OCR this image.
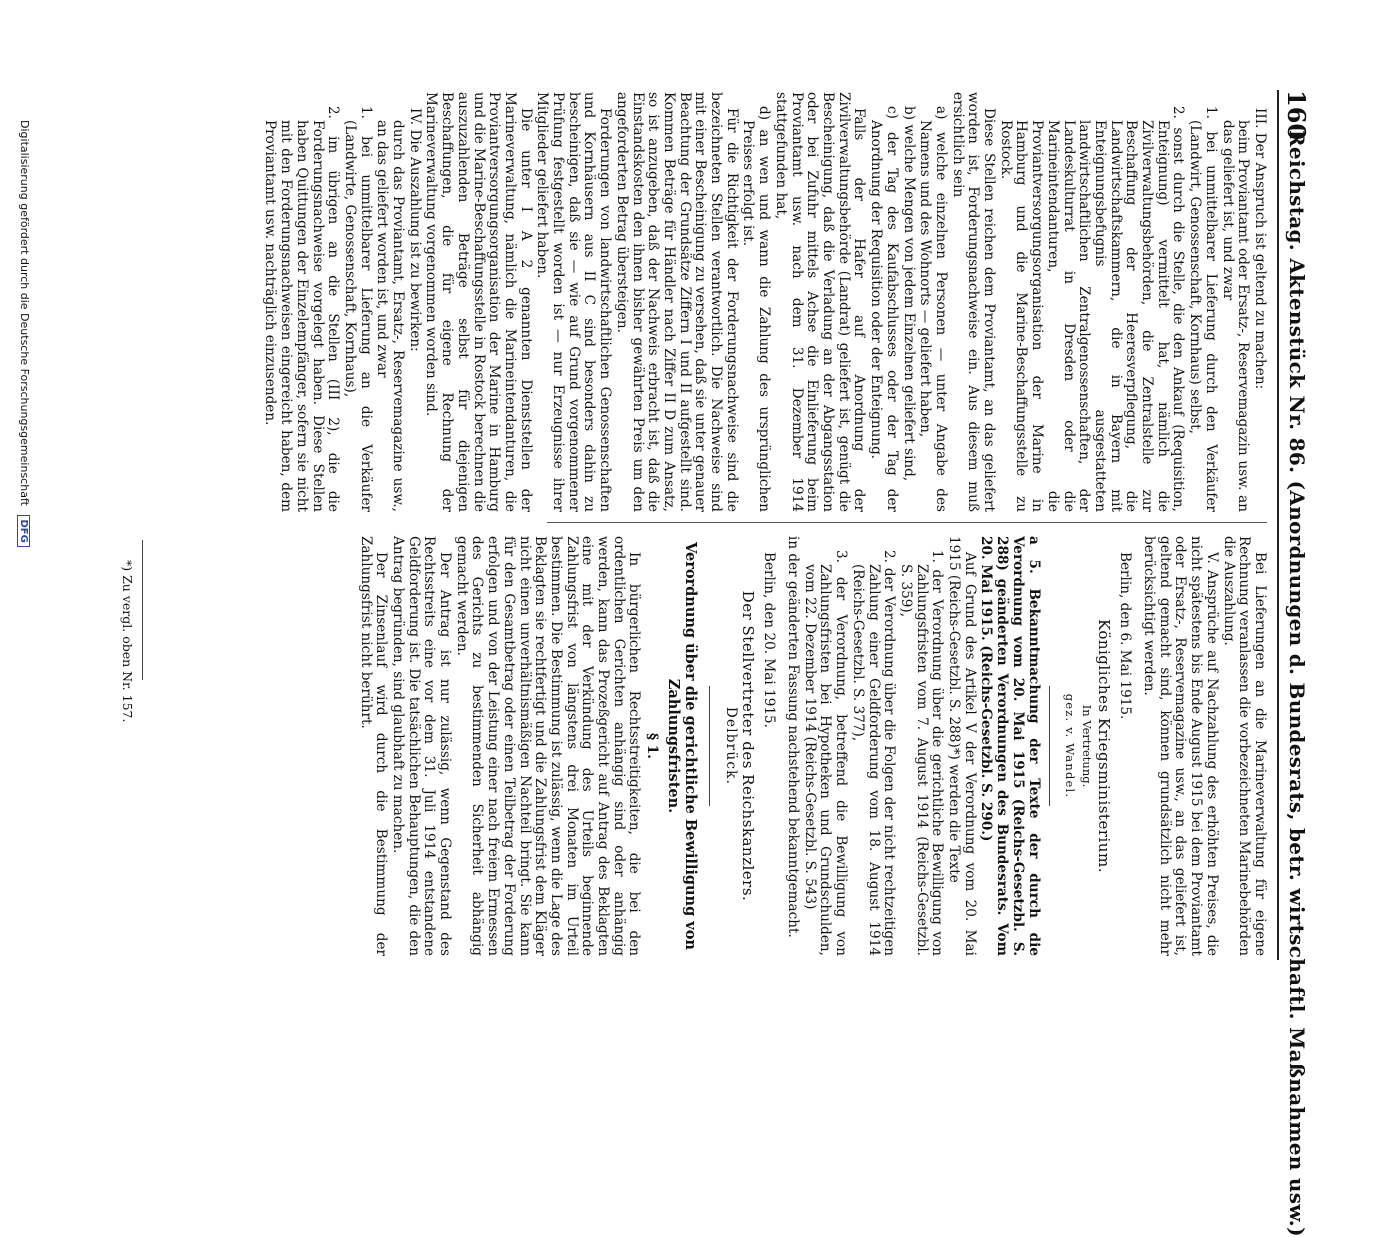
160
Reichstag. Aktenstück Nr. 86. (Anordnungen d. Bundesrats, betr. wirtschaftl. Maßnahmen usw.)

III. Der Anspruch ist geltend zu machen:

beim Proviantamt oder Ersatz-, Reservemagazin usw. an das geliefert ist, und zwar

1. bei unmittelbarer Lieferung durch den Verkäufer (Landwirt, Genossenschaft, Kornhaus) selbst,

2. sonst durch die Stelle, die den Ankauf (Requisition, Enteignung) vermittelt hat, nämlich die Zivilverwaltungsbehörden, die Zentralstelle zur Beschaffung der Heeresverpflegung, die Landwirtschaftskammern, die in Bayern mit Enteignungsbefugnis ausgestatteten landwirtschaftlichen Zentralgenossenschaften, der Landeskulturrat in Dresden oder die Marineintendanturen, die Proviantversorgungsorganisation der Marine in Hamburg und die Marine-Beschaffungsstelle zu Rostock.

Diese Stellen reichen dem Proviantamt, an das geliefert worden ist, Forderungsnachweise ein. Aus diesem muß ersichtlich sein

a) welche einzelnen Personen — unter Angabe des Namens und des Wohnorts — geliefert haben,

b) welche Mengen von jedem Einzelnen geliefert sind,

c) der Tag des Kaufabschlusses oder der Tag der Anordnung der Requisition oder der Enteignung.

Falls der Hafer auf Anordnung der Zivilverwaltungsbehörde (Landrat) geliefert ist, genügt die Bescheinigung, daß die Verladung an der Abgangsstation oder bei Zufuhr mittels Achse die Einlieferung beim Proviantamt usw. nach dem 31. Dezember 1914 stattgefunden hat,

d) an wen und wann die Zahlung des ursprünglichen Preises erfolgt ist.

Für die Richtigkeit der Forderungsnachweise sind die bezeichneten Stellen verantwortlich. Die Nachweise sind mit einer Bescheinigung zu versehen, daß sie unter genauer Beachtung der Grundsätze Ziffern I und II aufgestellt sind. Kommen Beträge für Händler nach Ziffer II D zum Ansatz, so ist anzugeben, daß der Nachweis erbracht ist, daß die Einstandskosten den ihnen bisher gewährten Preis um den angeforderten Betrag übersteigen.

Forderungen von landwirtschaftlichen Genossenschaften und Kornhäusern aus II C sind besonders dahin zu bescheinigen, daß sie — wie auf Grund vorgenommener Prüfung festgestellt worden ist — nur Erzeugnisse ihrer Mitglieder geliefert haben.

Die unter I A 2 genannten Dienststellen der Marineverwaltung, nämlich die Marineintendanturen, die Proviantversorgungsorganisation der Marine in Hamburg und die Marine-Beschaffungsstelle in Rostock berechnen die auszuzahlenden Beträge selbst für diejenigen Beschaffungen, die für eigene Rechnung der Marineverwaltung vorgenommen worden sind.

IV. Die Auszahlung ist zu bewirken:

durch das Proviantamt, Ersatz-, Reservemagazine usw., an das geliefert worden ist, und zwar

1. bei unmittelbarer Lieferung an die Verkäufer (Landwirte, Genossenschaft, Kornhaus),

2. im übrigen an die Stellen (III 2), die die Forderungsnachweise vorgelegt haben. Diese Stellen haben Quittungen der Einzelempfänger, sofern sie nicht mit den Forderungsnachweisen eingereicht haben, dem Proviantamt usw. nachträglich einzusenden.

Bei Lieferungen an die Marineverwaltung für eigene Rechnung veranlassen die vorbezeichneten Marinebehörden die Auszahlung.

V. Ansprüche auf Nachzahlung des erhöhten Preises, die nicht spätestens bis Ende August 1915 bei dem Proviantamt oder Ersatz-, Reservemagazine usw., an das geliefert ist, geltend gemacht sind, können grundsätzlich nicht mehr berücksichtigt werden.

Berlin, den 6. Mai 1915.

Königliches Kriegsministerium.

In Vertretung.

gez. v. Wandel.

a 5. Bekanntmachung der Texte der durch die Verordnung vom 20. Mai 1915 (Reichs-Gesetzbl. S. 288) geänderten Verordnungen des Bundesrats. Vom 20. Mai 1915. (Reichs-Gesetzbl. S. 290.)

Auf Grund des Artikel V der Verordnung vom 20. Mai 1915 (Reichs-Gesetzbl. S. 288)*) werden die Texte

1. der Verordnung über die gerichtliche Bewilligung von Zahlungsfristen vom 7. August 1914 (Reichs-Gesetzbl. S. 359),

2. der Verordnung über die Folgen der nicht rechtzeitigen Zahlung einer Geldforderung vom 18. August 1914 (Reichs-Gesetzbl. S. 377),

3. der Verordnung, betreffend die Bewilligung von Zahlungsfristen bei Hypotheken und Grundschulden, vom 22. Dezember 1914 (Reichs-Gesetzbl. S. 543)

in der geänderten Fassung nachstehend bekanntgemacht.

Berlin, den 20. Mai 1915.

Der Stellvertreter des Reichskanzlers.

Delbrück.

Verordnung über die gerichtliche Bewilligung von Zahlungsfristen.

§ 1.

In bürgerlichen Rechtsstreitigkeiten, die bei den ordentlichen Gerichten anhängig sind oder anhängig werden, kann das Prozeßgericht auf Antrag des Beklagten eine mit der Verkündung des Urteils beginnende Zahlungsfrist von längstens drei Monaten im Urteil bestimmen. Die Bestimmung ist zulässig, wenn die Lage des Beklagten sie rechtfertigt und die Zahlungsfrist dem Kläger nicht einen unverhältnismäßigen Nachteil bringt. Sie kann für den Gesamtbetrag oder einen Teilbetrag der Forderung erfolgen und von der Leistung einer nach freiem Ermessen des Gerichts zu bestimmenden Sicherheit abhängig gemacht werden.

Der Antrag ist nur zulässig, wenn Gegenstand des Rechtsstreits eine vor dem 31. Juli 1914 entstandene Geldforderung ist. Die tatsächlichen Behauptungen, die den Antrag begründen, sind glaubhaft zu machen.

Der Zinsenlauf wird durch die Bestimmung der Zahlungsfrist nicht berührt.

*) Zu vergl. oben Nr. 157.
Digitalisierung gefördert durch die Deutsche Forschungsgemeinschaft DFG
